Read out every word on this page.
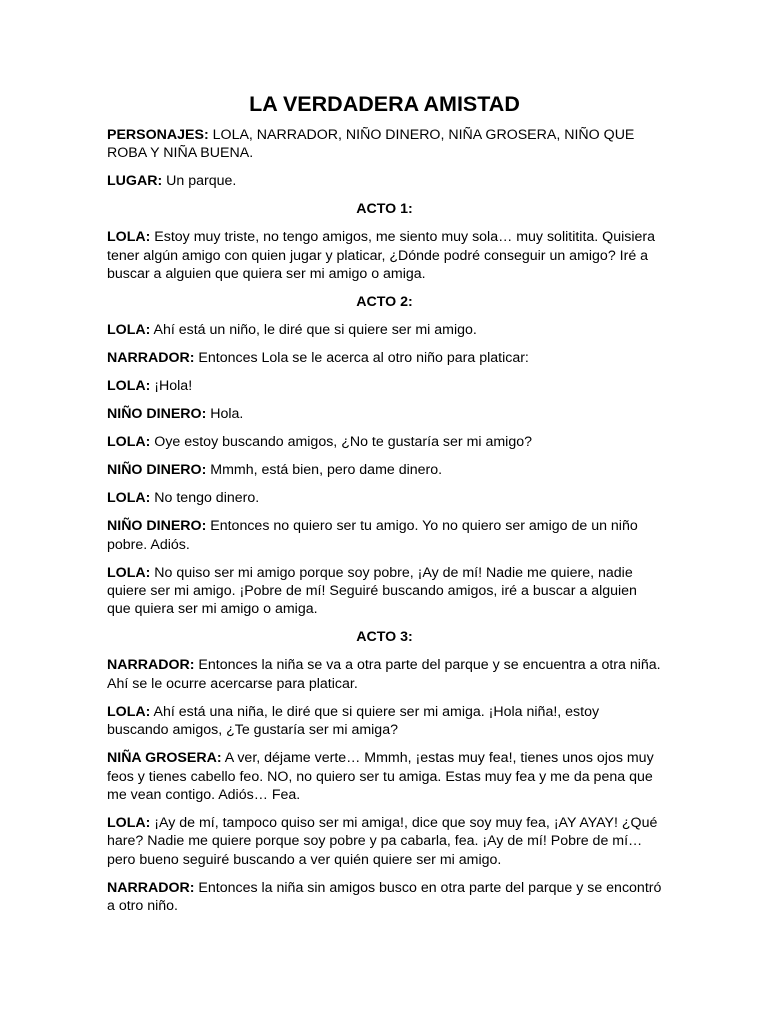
LA VERDADERA AMISTAD

PERSONAJES: LOLA, NARRADOR, NIÑO DINERO, NIÑA GROSERA, NIÑO QUE ROBA Y NIÑA BUENA.

LUGAR: Un parque.

ACTO 1:

LOLA: Estoy muy triste, no tengo amigos, me siento muy sola… muy solititita. Quisiera tener algún amigo con quien jugar y platicar, ¿Dónde podré conseguir un amigo? Iré a buscar a alguien que quiera ser mi amigo o amiga.

ACTO 2:

LOLA: Ahí está un niño, le diré que si quiere ser mi amigo.

NARRADOR: Entonces Lola se le acerca al otro niño para platicar:

LOLA: ¡Hola!

NIÑO DINERO: Hola.

LOLA: Oye estoy buscando amigos, ¿No te gustaría ser mi amigo?

NIÑO DINERO: Mmmh, está bien, pero dame dinero.

LOLA: No tengo dinero.

NIÑO DINERO: Entonces no quiero ser tu amigo. Yo no quiero ser amigo de un niño pobre. Adiós.

LOLA: No quiso ser mi amigo porque soy pobre, ¡Ay de mí! Nadie me quiere, nadie quiere ser mi amigo. ¡Pobre de mí! Seguiré buscando amigos, iré a buscar a alguien que quiera ser mi amigo o amiga.

ACTO 3:

NARRADOR: Entonces la niña se va a otra parte del parque y se encuentra a otra niña. Ahí se le ocurre acercarse para platicar.

LOLA: Ahí está una niña, le diré que si quiere ser mi amiga. ¡Hola niña!, estoy buscando amigos, ¿Te gustaría ser mi amiga?

NIÑA GROSERA: A ver, déjame verte… Mmmh, ¡estas muy fea!, tienes unos ojos muy feos y tienes cabello feo. NO, no quiero ser tu amiga. Estas muy fea y me da pena que me vean contigo. Adiós… Fea.

LOLA: ¡Ay de mí, tampoco quiso ser mi amiga!, dice que soy muy fea, ¡AY AYAY! ¿Qué hare? Nadie me quiere porque soy pobre y pa cabarla, fea. ¡Ay de mí! Pobre de mí… pero bueno seguiré buscando a ver quién quiere ser mi amigo.

NARRADOR: Entonces la niña sin amigos busco en otra parte del parque y se encontró a otro niño.
